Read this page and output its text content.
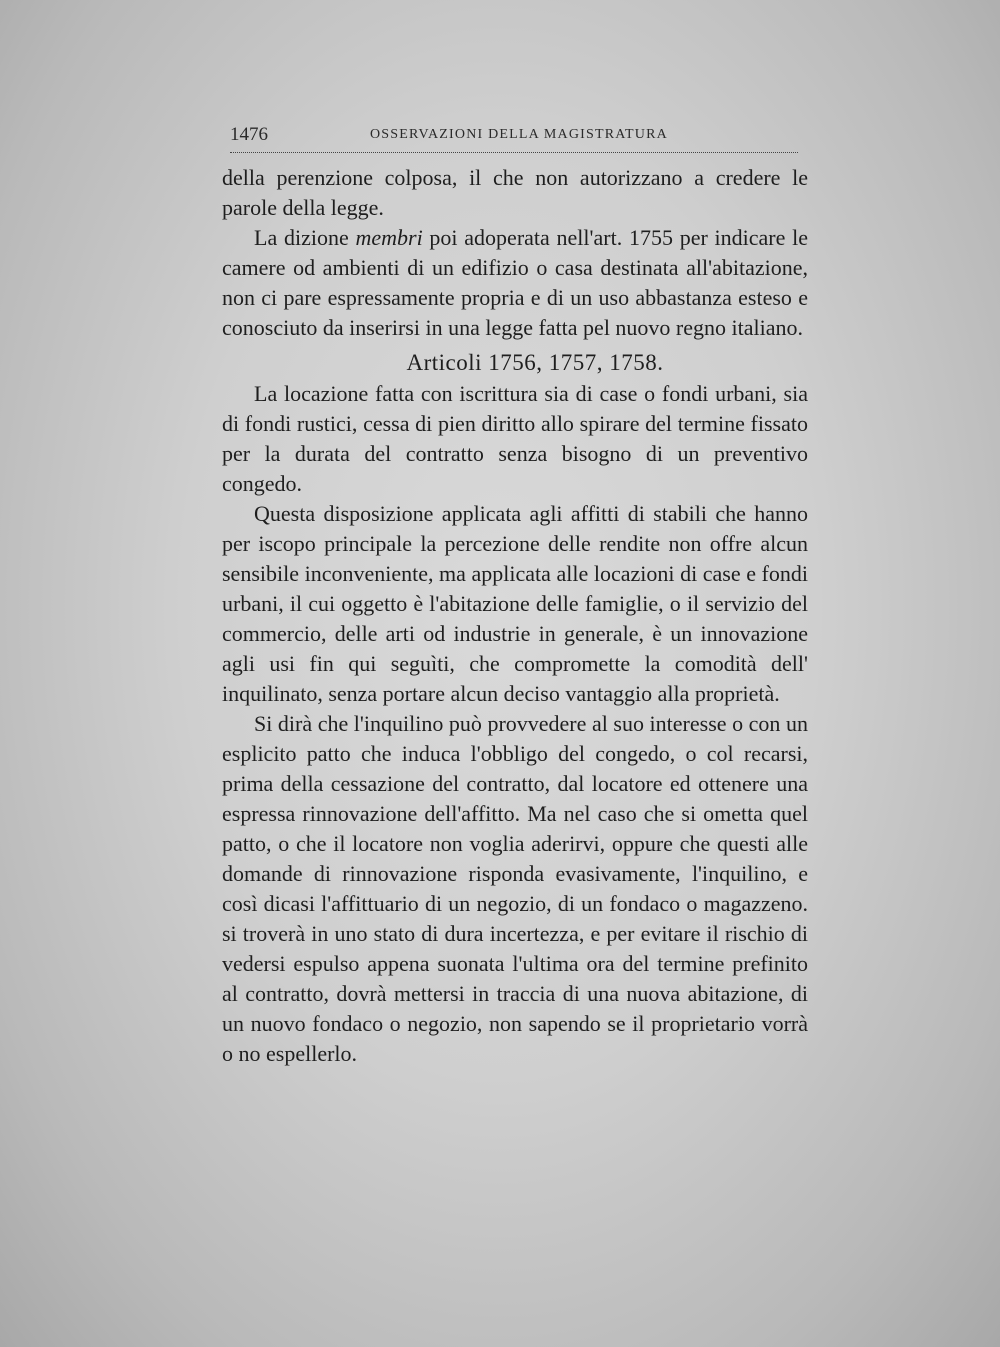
1476	OSSERVAZIONI DELLA MAGISTRATURA

della perenzione colposa, il che non autorizzano a credere le parole della legge.

La dizione membri poi adoperata nell'art. 1755 per indicare le camere od ambienti di un edifizio o casa destinata all'abitazione, non ci pare espressamente propria e di un uso abbastanza esteso e conosciuto da inserirsi in una legge fatta pel nuovo regno italiano.

Articoli 1756, 1757, 1758.

La locazione fatta con iscrittura sia di case o fondi urbani, sia di fondi rustici, cessa di pien diritto allo spirare del termine fissato per la durata del contratto senza bisogno di un preventivo congedo.

Questa disposizione applicata agli affitti di stabili che hanno per iscopo principale la percezione delle rendite non offre alcun sensibile inconveniente, ma applicata alle locazioni di case e fondi urbani, il cui oggetto è l'abitazione delle famiglie, o il servizio del commercio, delle arti od industrie in generale, è un innovazione agli usi fin qui seguìti, che compromette la comodità dell' inquilinato, senza portare alcun deciso vantaggio alla proprietà.

Si dirà che l'inquilino può provvedere al suo interesse o con un esplicito patto che induca l'obbligo del congedo, o col recarsi, prima della cessazione del contratto, dal locatore ed ottenere una espressa rinnovazione dell'affitto. Ma nel caso che si ometta quel patto, o che il locatore non voglia aderirvi, oppure che questi alle domande di rinnovazione risponda evasivamente, l'inquilino, e così dicasi l'affittuario di un negozio, di un fondaco o magazzeno. si troverà in uno stato di dura incertezza, e per evitare il rischio di vedersi espulso appena suonata l'ultima ora del termine prefinito al contratto, dovrà mettersi in traccia di una nuova abitazione, di un nuovo fondaco o negozio, non sapendo se il proprietario vorrà o no espellerlo.
